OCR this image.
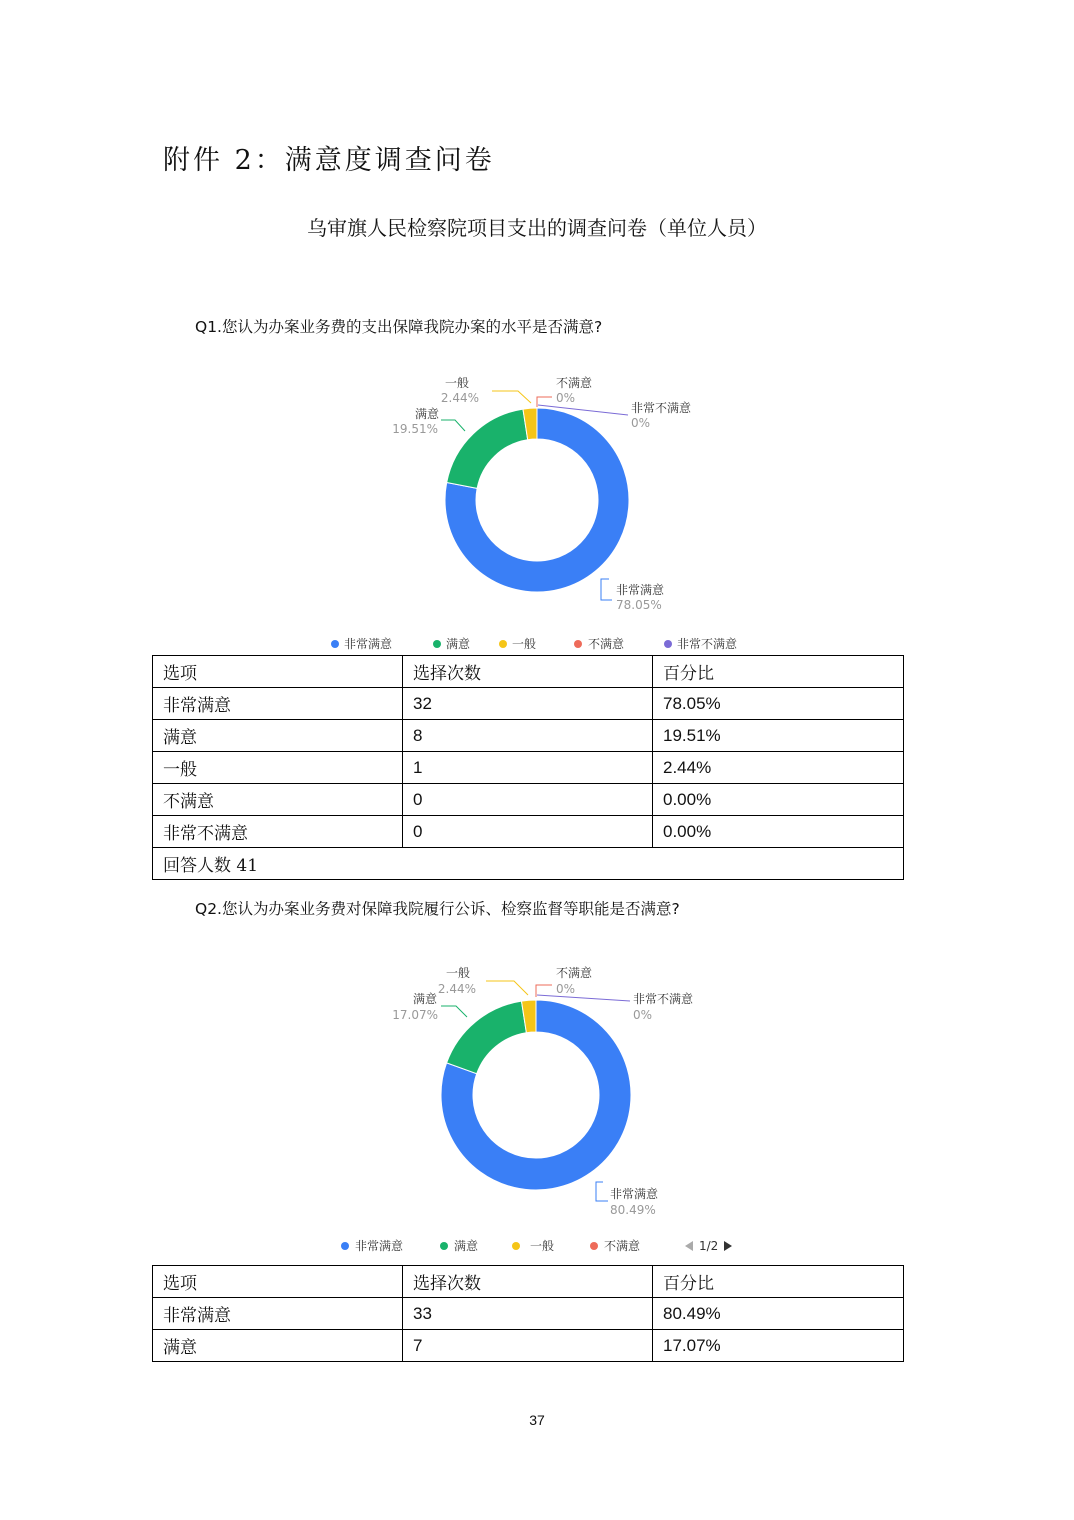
附件 2：满意度调查问卷
乌审旗人民检察院项目支出的调查问卷（单位人员）
Q1.您认为办案业务费的支出保障我院办案的水平是否满意?
非常满意
78.05%
满意
19.51%
一般
2.44%
不满意
0%
非常不满意
0%
非常满意	满意	一般	不满意	非常不满意
选项	选择次数	百分比
非常满意	32	78.05%
满意	8	19.51%
一般	1	2.44%
不满意	0	0.00%
非常不满意	0	0.00%
回答人数 41		
Q2.您认为办案业务费对保障我院履行公诉、检察监督等职能是否满意?
非常满意
80.49%
满意
17.07%
一般
2.44%
不满意
0%
非常不满意
0%
非常满意	满意	一般	不满意	1/2
选项	选择次数	百分比
非常满意	33	80.49%
满意	7	17.07%
37
